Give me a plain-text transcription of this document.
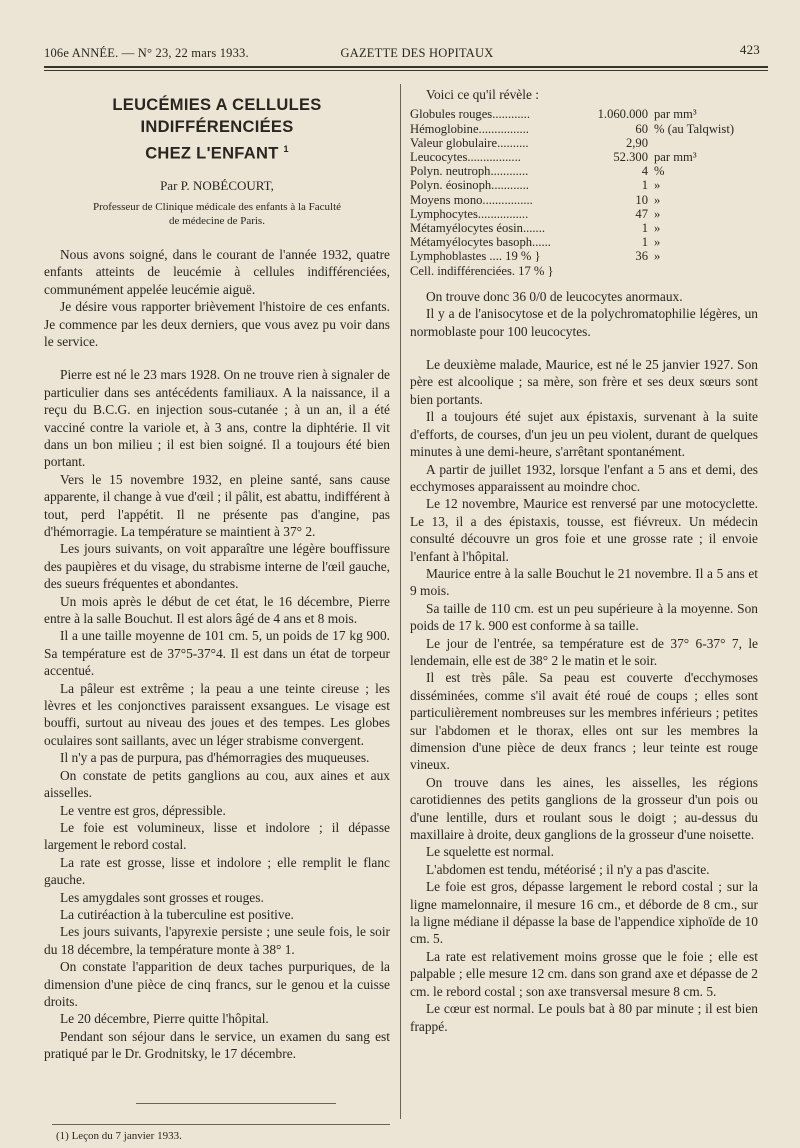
106e ANNÉE. — N° 23, 22 mars 1933.	GAZETTE DES HOPITAUX	423
LEUCÉMIES A CELLULES INDIFFÉRENCIÉES
CHEZ L'ENFANT $^1$
Par P. NOBÉCOURT,
Professeur de Clinique médicale des enfants à la Faculté
de médecine de Paris.

Nous avons soigné, dans le courant de l'année 1932, quatre enfants atteints de leucémie à cellules indifférenciées, communément appelée leucémie aiguë.

Je désire vous rapporter brièvement l'histoire de ces enfants. Je commence par les deux derniers, que vous avez pu voir dans le service.

Pierre est né le 23 mars 1928. On ne trouve rien à signaler de particulier dans ses antécédents familiaux. A la naissance, il a reçu du B.C.G. en injection sous-cutanée ; à un an, il a été vacciné contre la variole et, à 3 ans, contre la diphtérie. Il vit dans un bon milieu ; il est bien soigné. Il a toujours été bien portant.

Vers le 15 novembre 1932, en pleine santé, sans cause apparente, il change à vue d'œil ; il pâlit, est abattu, indifférent à tout, perd l'appétit. Il ne présente pas d'angine, pas d'hémorragie. La température se maintient à 37° 2.

Les jours suivants, on voit apparaître une légère bouffissure des paupières et du visage, du strabisme interne de l'œil gauche, des sueurs fréquentes et abondantes.

Un mois après le début de cet état, le 16 décembre, Pierre entre à la salle Bouchut. Il est alors âgé de 4 ans et 8 mois.

Il a une taille moyenne de 101 cm. 5, un poids de 17 kg 900. Sa température est de 37°5-37°4. Il est dans un état de torpeur accentué.

La pâleur est extrême ; la peau a une teinte cireuse ; les lèvres et les conjonctives paraissent exsangues. Le visage est bouffi, surtout au niveau des joues et des tempes. Les globes oculaires sont saillants, avec un léger strabisme convergent.

Il n'y a pas de purpura, pas d'hémorragies des muqueuses.

On constate de petits ganglions au cou, aux aines et aux aisselles.

Le ventre est gros, dépressible.

Le foie est volumineux, lisse et indolore ; il dépasse largement le rebord costal.

La rate est grosse, lisse et indolore ; elle remplit le flanc gauche.

Les amygdales sont grosses et rouges.

La cutiréaction à la tuberculine est positive.

Les jours suivants, l'apyrexie persiste ; une seule fois, le soir du 18 décembre, la température monte à 38° 1.

On constate l'apparition de deux taches purpuriques, de la dimension d'une pièce de cinq francs, sur le genou et la cuisse droits.

Le 20 décembre, Pierre quitte l'hôpital.

Pendant son séjour dans le service, un examen du sang est pratiqué par le Dr. Grodnitsky, le 17 décembre.

(1) Leçon du 7 janvier 1933.

Voici ce qu'il révèle :

Globules rouges............	1.060.000 par mm³
Hémoglobine................	60 % (au Talqwist)
Valeur globulaire..........	2,90
Leucocytes.................	52.300 par mm³
Polyn. neutroph............	4 %
Polyn. éosinoph............	1 »
Moyens mono................	10 »
Lymphocytes................	47 »
Métamyélocytes éosin.......	1 »
Métamyélocytes basoph......	1 »
Lymphoblastes .... 19 % }	36 »
Cell. indifférenciées. 17 % }

On trouve donc 36 0/0 de leucocytes anormaux.

Il y a de l'anisocytose et de la polychromatophilie légères, un normoblaste pour 100 leucocytes.

Le deuxième malade, Maurice, est né le 25 janvier 1927. Son père est alcoolique ; sa mère, son frère et ses deux sœurs sont bien portants.

Il a toujours été sujet aux épistaxis, survenant à la suite d'efforts, de courses, d'un jeu un peu violent, durant de quelques minutes à une demi-heure, s'arrêtant spontanément.

A partir de juillet 1932, lorsque l'enfant a 5 ans et demi, des ecchymoses apparaissent au moindre choc.

Le 12 novembre, Maurice est renversé par une motocyclette. Le 13, il a des épistaxis, tousse, est fiévreux. Un médecin consulté découvre un gros foie et une grosse rate ; il envoie l'enfant à l'hôpital.

Maurice entre à la salle Bouchut le 21 novembre. Il a 5 ans et 9 mois.

Sa taille de 110 cm. est un peu supérieure à la moyenne. Son poids de 17 k. 900 est conforme à sa taille.

Le jour de l'entrée, sa température est de 37° 6-37° 7, le lendemain, elle est de 38° 2 le matin et le soir.

Il est très pâle. Sa peau est couverte d'ecchymoses disséminées, comme s'il avait été roué de coups ; elles sont particulièrement nombreuses sur les membres inférieurs ; petites sur l'abdomen et le thorax, elles ont sur les membres la dimension d'une pièce de deux francs ; leur teinte est rouge vineux.

On trouve dans les aines, les aisselles, les régions carotidiennes des petits ganglions de la grosseur d'un pois ou d'une lentille, durs et roulant sous le doigt ; au-dessus du maxillaire à droite, deux ganglions de la grosseur d'une noisette.

Le squelette est normal.

L'abdomen est tendu, météorisé ; il n'y a pas d'ascite.

Le foie est gros, dépasse largement le rebord costal ; sur la ligne mamelonnaire, il mesure 16 cm., et déborde de 8 cm., sur la ligne médiane il dépasse la base de l'appendice xiphoïde de 10 cm. 5.

La rate est relativement moins grosse que le foie ; elle est palpable ; elle mesure 12 cm. dans son grand axe et dépasse de 2 cm. le rebord costal ; son axe transversal mesure 8 cm. 5.

Le cœur est normal. Le pouls bat à 80 par minute ; il est bien frappé.
